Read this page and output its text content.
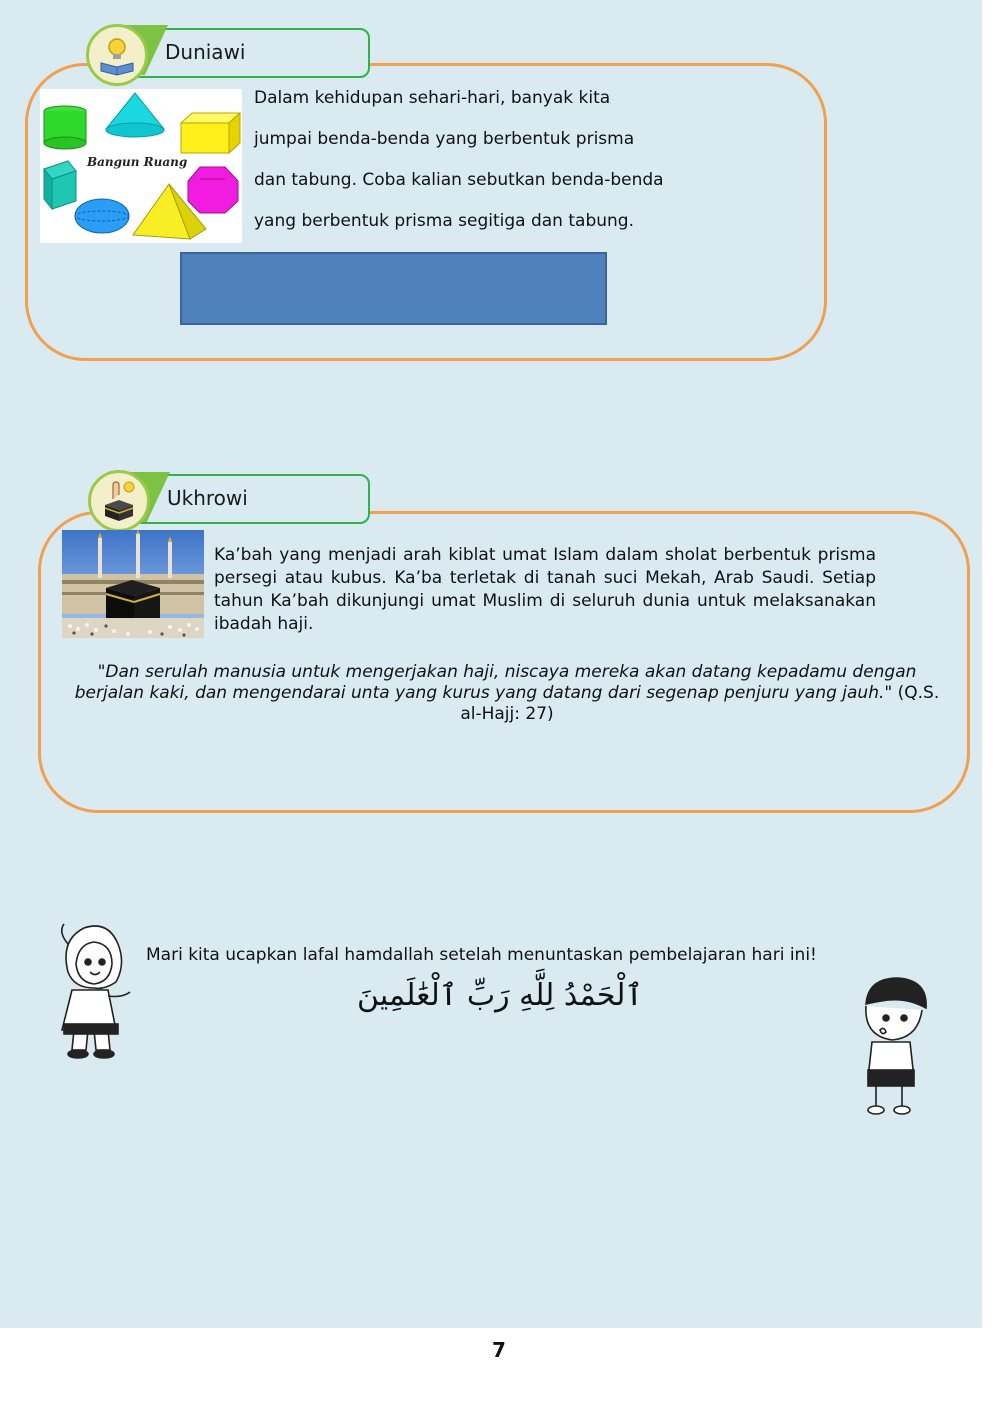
Duniawi
Bangun Ruang
Dalam kehidupan sehari-hari, banyak kita
jumpai benda-benda yang berbentuk prisma
dan tabung. Coba kalian sebutkan benda-benda
yang berbentuk prisma segitiga dan tabung.
Ukhrowi
Ka’bah yang menjadi arah kiblat umat Islam dalam sholat berbentuk prisma persegi atau kubus. Ka’ba terletak di tanah suci Mekah, Arab Saudi. Setiap tahun Ka’bah dikunjungi umat Muslim di seluruh dunia untuk melaksanakan ibadah haji.
"Dan serulah manusia untuk mengerjakan haji, niscaya mereka akan datang kepadamu dengan berjalan kaki, dan mengendarai unta yang kurus yang datang dari segenap penjuru yang jauh." (Q.S. al-Hajj: 27)
Mari kita ucapkan lafal hamdallah setelah menuntaskan pembelajaran hari ini!
ٱلْحَمْدُ لِلَّهِ رَبِّ ٱلْعَٰلَمِينَ
7
